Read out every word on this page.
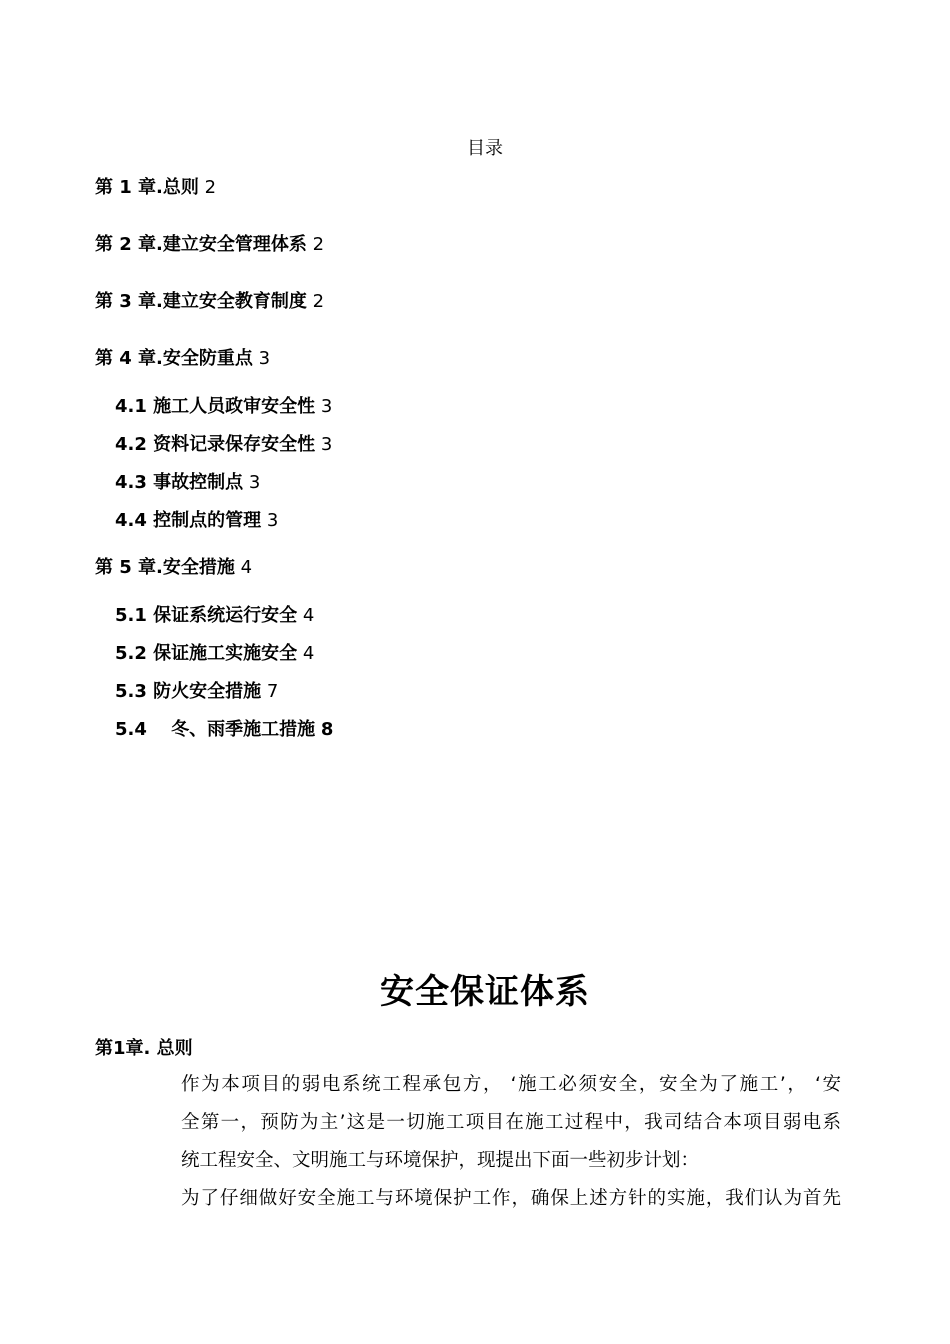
目录
第 1 章.总则 2
第 2 章.建立安全管理体系 2
第 3 章.建立安全教育制度 2
第 4 章.安全防重点 3
4.1 施工人员政审安全性 3
4.2 资料记录保存安全性 3
4.3 事故控制点 3
4.4 控制点的管理 3
第 5 章.安全措施 4
5.1 保证系统运行安全 4
5.2 保证施工实施安全 4
5.3 防火安全措施 7
5.4　 冬、雨季施工措施 8
安全保证体系
第1章. 总则

作为本项目的弱电系统工程承包方， ‘施工必须安全，安全为了施工’， ‘安

全第一，预防为主’这是一切施工项目在施工过程中，我司结合本项目弱电系

统工程安全、文明施工与环境保护，现提出下面一些初步计划：

为了仔细做好安全施工与环境保护工作，确保上述方针的实施，我们认为首先
